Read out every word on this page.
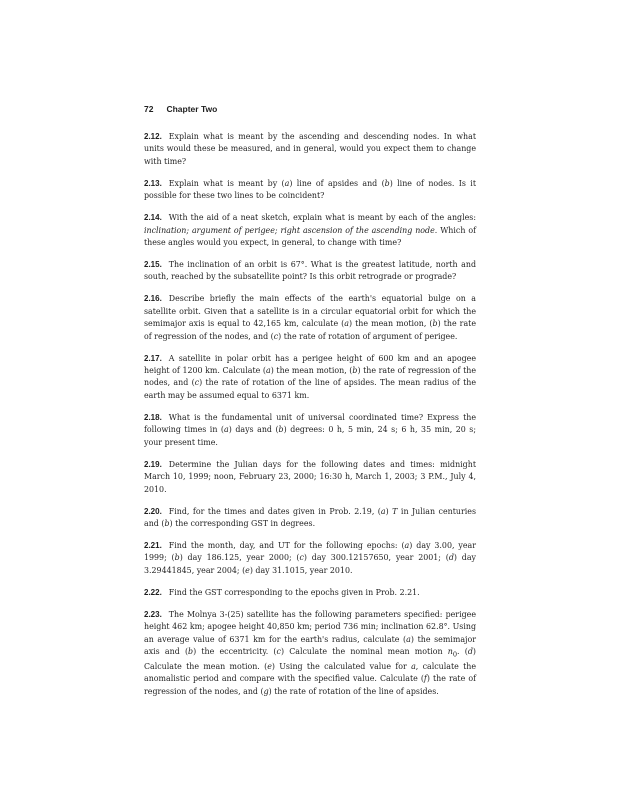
72 Chapter Two

2.12. Explain what is meant by the ascending and descending nodes. In what units would these be measured, and in general, would you expect them to change with time?

2.13. Explain what is meant by (a) line of apsides and (b) line of nodes. Is it possible for these two lines to be coincident?

2.14. With the aid of a neat sketch, explain what is meant by each of the angles: inclination; argument of perigee; right ascension of the ascending node. Which of these angles would you expect, in general, to change with time?

2.15. The inclination of an orbit is 67°. What is the greatest latitude, north and south, reached by the subsatellite point? Is this orbit retrograde or prograde?

2.16. Describe briefly the main effects of the earth's equatorial bulge on a satellite orbit. Given that a satellite is in a circular equatorial orbit for which the semimajor axis is equal to 42,165 km, calculate (a) the mean motion, (b) the rate of regression of the nodes, and (c) the rate of rotation of argument of perigee.

2.17. A satellite in polar orbit has a perigee height of 600 km and an apogee height of 1200 km. Calculate (a) the mean motion, (b) the rate of regression of the nodes, and (c) the rate of rotation of the line of apsides. The mean radius of the earth may be assumed equal to 6371 km.

2.18. What is the fundamental unit of universal coordinated time? Express the following times in (a) days and (b) degrees: 0 h, 5 min, 24 s; 6 h, 35 min, 20 s; your present time.

2.19. Determine the Julian days for the following dates and times: midnight March 10, 1999; noon, February 23, 2000; 16:30 h, March 1, 2003; 3 P.M., July 4, 2010.

2.20. Find, for the times and dates given in Prob. 2.19, (a) T in Julian centuries and (b) the corresponding GST in degrees.

2.21. Find the month, day, and UT for the following epochs: (a) day 3.00, year 1999; (b) day 186.125, year 2000; (c) day 300.12157650, year 2001; (d) day 3.29441845, year 2004; (e) day 31.1015, year 2010.

2.22. Find the GST corresponding to the epochs given in Prob. 2.21.

2.23. The Molnya 3-(25) satellite has the following parameters specified: perigee height 462 km; apogee height 40,850 km; period 736 min; inclination 62.8°. Using an average value of 6371 km for the earth's radius, calculate (a) the semimajor axis and (b) the eccentricity. (c) Calculate the nominal mean motion $n_0$. (d) Calculate the mean motion. (e) Using the calculated value for a, calculate the anomalistic period and compare with the specified value. Calculate (f) the rate of regression of the nodes, and (g) the rate of rotation of the line of apsides.
